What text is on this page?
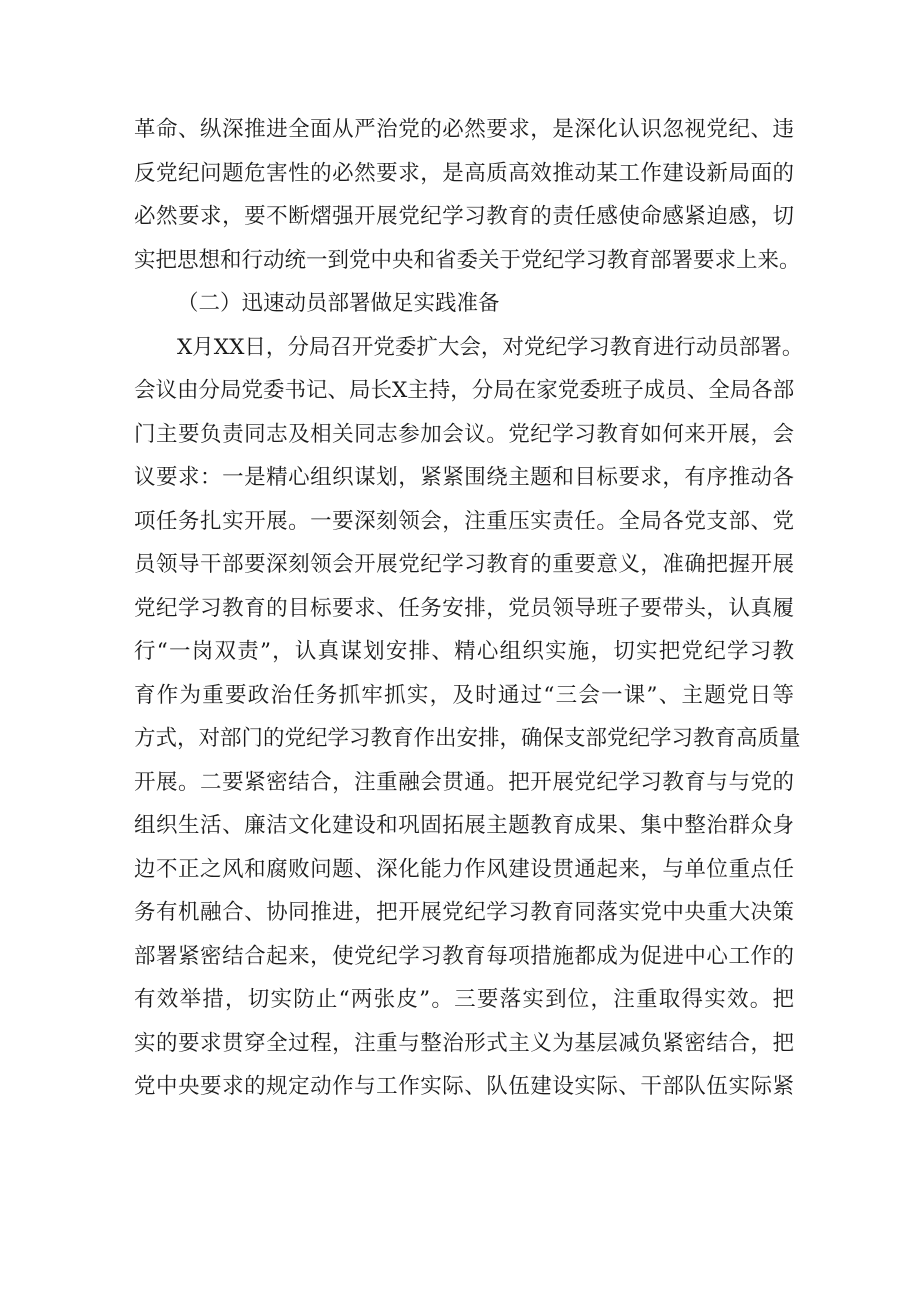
革命、纵深推进全面从严治党的必然要求，是深化认识忽视党纪、违
反党纪问题危害性的必然要求，是高质高效推动某工作建设新局面的
必然要求，要不断熠强开展党纪学习教育的责任感使命感紧迫感，切
实把思想和行动统一到党中央和省委关于党纪学习教育部署要求上来。
（二）迅速动员部署做足实践准备
X月XX日，分局召开党委扩大会，对党纪学习教育进行动员部署。
会议由分局党委书记、局长X主持，分局在家党委班子成员、全局各部
门主要负责同志及相关同志参加会议。党纪学习教育如何来开展，会
议要求：一是精心组织谋划，紧紧围绕主题和目标要求，有序推动各
项任务扎实开展。一要深刻领会，注重压实责任。全局各党支部、党
员领导干部要深刻领会开展党纪学习教育的重要意义，准确把握开展
党纪学习教育的目标要求、任务安排，党员领导班子要带头，认真履
行“一岗双责”，认真谋划安排、精心组织实施，切实把党纪学习教
育作为重要政治任务抓牢抓实，及时通过“三会一课”、主题党日等
方式，对部门的党纪学习教育作出安排，确保支部党纪学习教育高质量
开展。二要紧密结合，注重融会贯通。把开展党纪学习教育与与党的
组织生活、廉洁文化建设和巩固拓展主题教育成果、集中整治群众身
边不正之风和腐败问题、深化能力作风建设贯通起来，与单位重点任
务有机融合、协同推进，把开展党纪学习教育同落实党中央重大决策
部署紧密结合起来，使党纪学习教育每项措施都成为促进中心工作的
有效举措，切实防止“两张皮”。三要落实到位，注重取得实效。把
实的要求贯穿全过程，注重与整治形式主义为基层减负紧密结合，把
党中央要求的规定动作与工作实际、队伍建设实际、干部队伍实际紧
